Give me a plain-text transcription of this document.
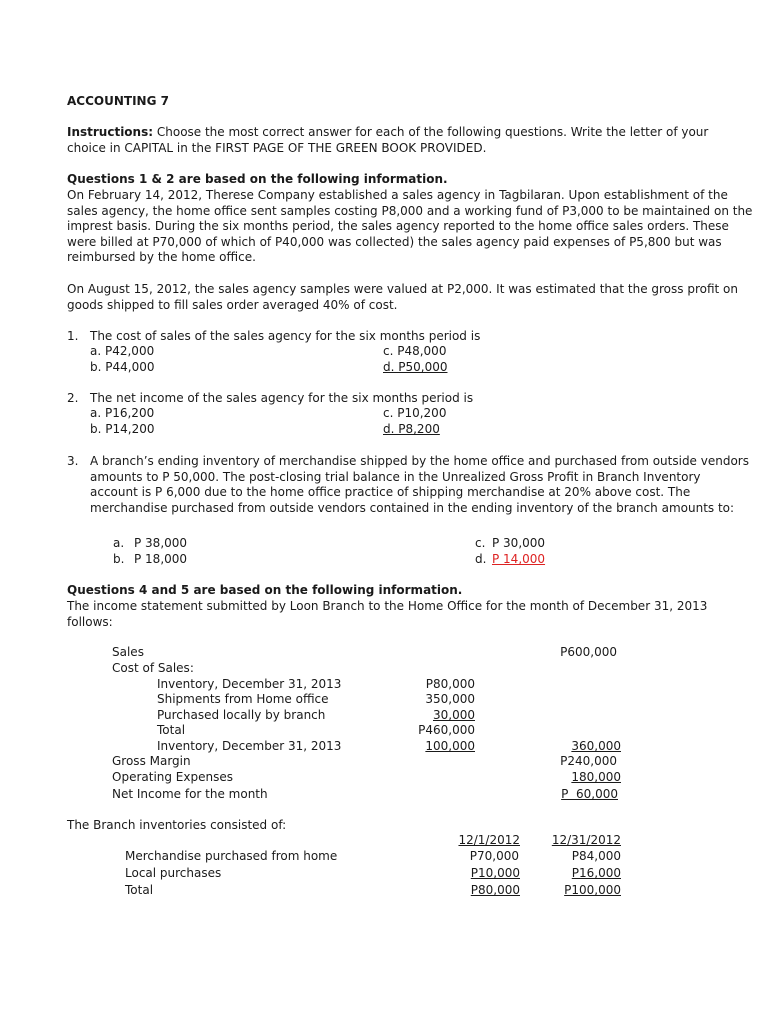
ACCOUNTING 7
Instructions: Choose the most correct answer for each of the following questions. Write the letter of your
choice in CAPITAL in the FIRST PAGE OF THE GREEN BOOK PROVIDED.
Questions 1 & 2 are based on the following information.
On February 14, 2012, Therese Company established a sales agency in Tagbilaran. Upon establishment of the
sales agency, the home office sent samples costing P8,000 and a working fund of P3,000 to be maintained on the
imprest basis. During the six months period, the sales agency reported to the home office sales orders. These
were billed at P70,000 of which of P40,000 was collected) the sales agency paid expenses of P5,800 but was
reimbursed by the home office.
On August 15, 2012, the sales agency samples were valued at P2,000. It was estimated that the gross profit on
goods shipped to fill sales order averaged 40% of cost.
1. The cost of sales of the sales agency for the six months period is
a. P42,000	c. P48,000
b. P44,000	d. P50,000
2. The net income of the sales agency for the six months period is
a. P16,200	c. P10,200
b. P14,200	d. P8,200
3. A branch’s ending inventory of merchandise shipped by the home office and purchased from outside vendors
amounts to P 50,000. The post-closing trial balance in the Unrealized Gross Profit in Branch Inventory
account is P 6,000 due to the home office practice of shipping merchandise at 20% above cost. The
merchandise purchased from outside vendors contained in the ending inventory of the branch amounts to:
a. P 38,000	c. P 30,000
b. P 18,000	d. P 14,000
Questions 4 and 5 are based on the following information.
The income statement submitted by Loon Branch to the Home Office for the month of December 31, 2013
follows:
Sales	P600,000
Cost of Sales:
Inventory, December 31, 2013	P80,000
Shipments from Home office	350,000
Purchased locally by branch	30,000
Total	P460,000
Inventory, December 31, 2013	100,000	360,000
Gross Margin	P240,000
Operating Expenses	180,000
Net Income for the month	P  60,000
The Branch inventories consisted of:
12/1/2012	12/31/2012
Merchandise purchased from home	P70,000	P84,000
Local purchases	P10,000	P16,000
Total	P80,000	P100,000
